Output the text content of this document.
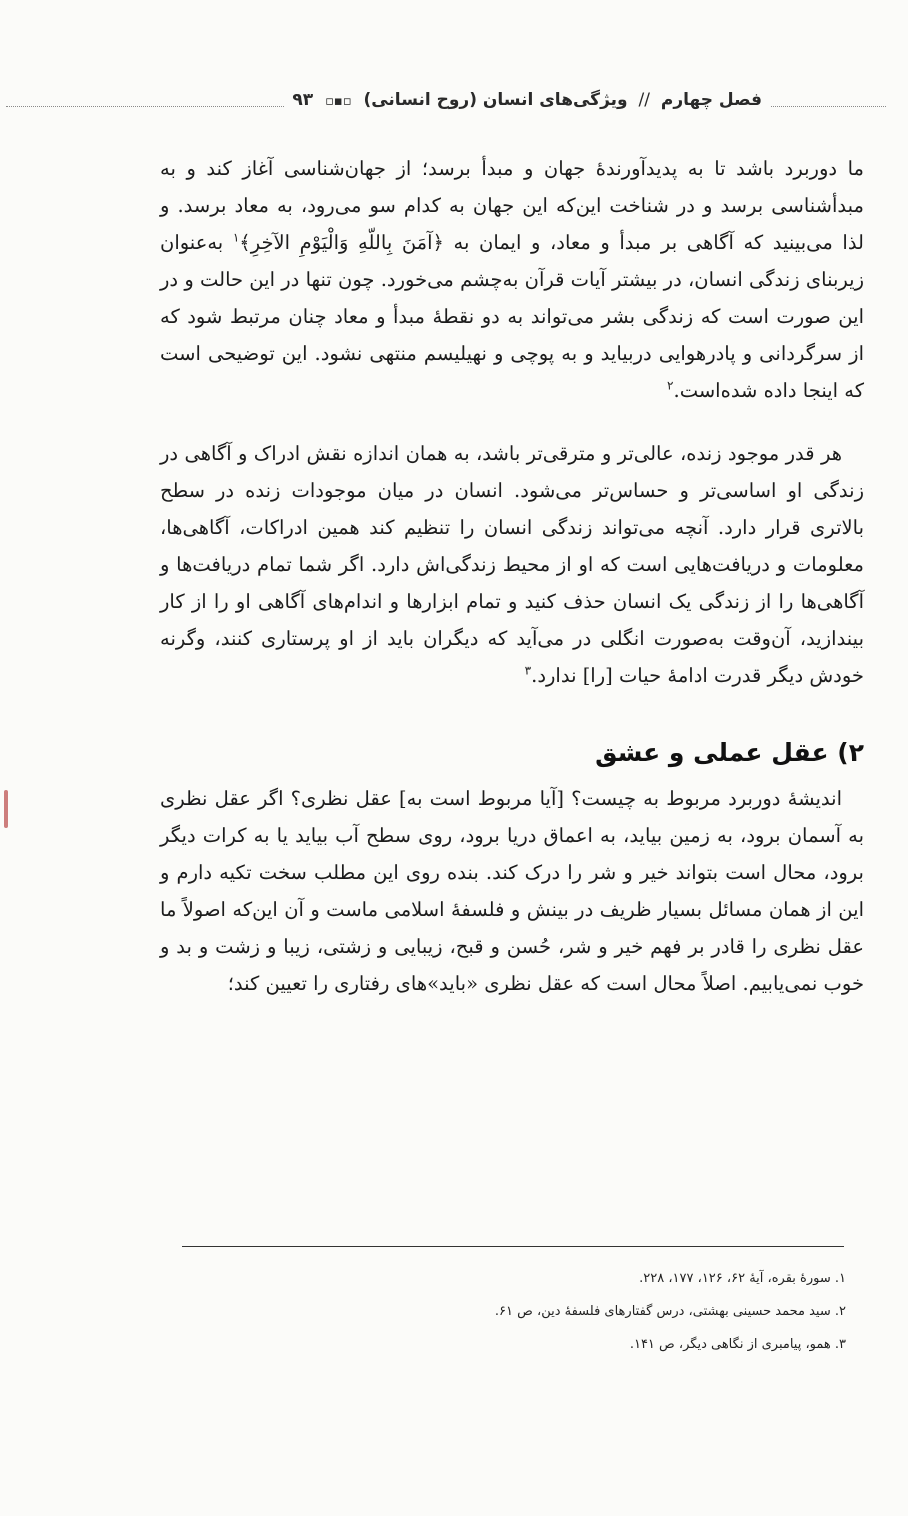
فصل چهارم // ویژگی‌های انسان (روح انسانی) ▫▪▫ ۹۳

ما دوربرد باشد تا به پدیدآورندهٔ جهان و مبدأ برسد؛ از جهان‌شناسی آغاز کند و به مبدأشناسی برسد و در شناخت این‌که این جهان به کدام سو می‌رود، به معاد برسد. و لذا می‌بینید که آگاهی بر مبدأ و معاد، و ایمان به ﴿آمَنَ بِاللّهِ وَالْیَوْمِ الآخِرِ﴾$^۱$ به‌عنوان زیربنای زندگی انسان، در بیشتر آیات قرآن به‌چشم می‌خورد. چون تنها در این حالت و در این صورت است که زندگی بشر می‌تواند به دو نقطهٔ مبدأ و معاد چنان مرتبط شود که از سرگردانی و پادرهوایی دربیاید و به پوچی و نهیلیسم منتهی نشود. این توضیحی است که اینجا داده شده‌است.$^۲$

هر قدر موجود زنده، عالی‌تر و مترقی‌تر باشد، به همان اندازه نقش ادراک و آگاهی در زندگی او اساسی‌تر و حساس‌تر می‌شود. انسان در میان موجودات زنده در سطح بالاتری قرار دارد. آنچه می‌تواند زندگی انسان را تنظیم کند همین ادراکات، آگاهی‌ها، معلومات و دریافت‌هایی است که او از محیط زندگی‌اش دارد. اگر شما تمام دریافت‌ها و آگاهی‌ها را از زندگی یک انسان حذف کنید و تمام ابزارها و اندام‌های آگاهی او را از کار بیندازید، آن‌وقت به‌صورت انگلی در می‌آید که دیگران باید از او پرستاری کنند، وگرنه خودش دیگر قدرت ادامهٔ حیات [را] ندارد.$^۳$

۲) عقل عملی و عشق

اندیشهٔ دوربرد مربوط به چیست؟ [آیا مربوط است به] عقل نظری؟ اگر عقل نظری به آسمان برود، به زمین بیاید، به اعماق دریا برود، روی سطح آب بیاید یا به کرات دیگر برود، محال است بتواند خیر و شر را درک کند. بنده روی این مطلب سخت تکیه دارم و این از همان مسائل بسیار ظریف در بینش و فلسفهٔ اسلامی ماست و آن این‌که اصولاً ما عقل نظری را قادر بر فهم خیر و شر، حُسن و قبح، زیبایی و زشتی، زیبا و زشت و بد و خوب نمی‌یابیم. اصلاً محال است که عقل نظری «باید»های رفتاری را تعیین کند؛

۱. سورهٔ بقره، آیهٔ ۶۲، ۱۲۶، ۱۷۷، ۲۲۸.
۲. سید محمد حسینی بهشتی، درس گفتارهای فلسفهٔ دین، ص ۶۱.
۳. همو، پیامبری از نگاهی دیگر، ص ۱۴۱.
